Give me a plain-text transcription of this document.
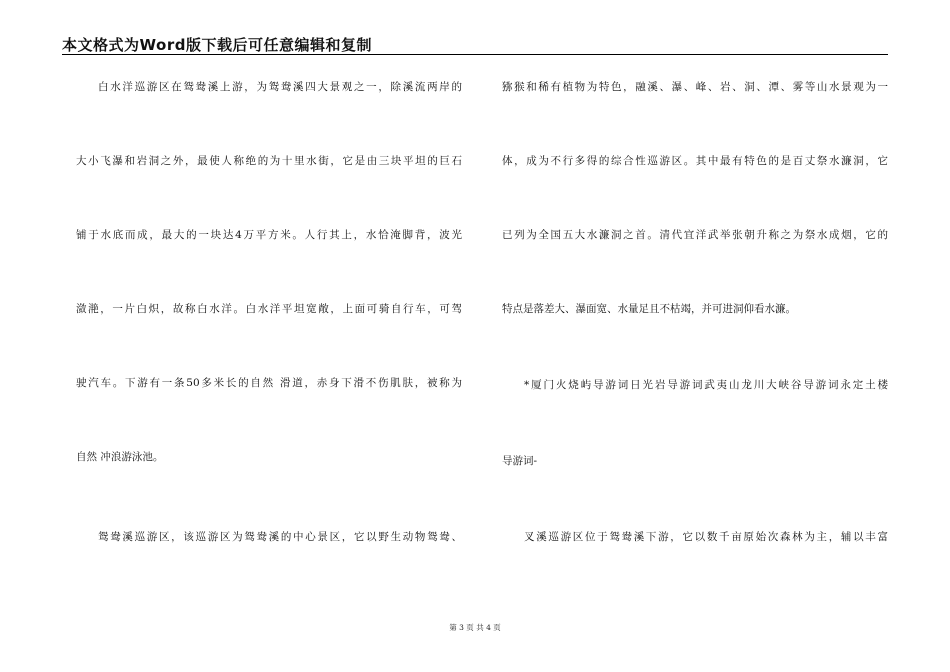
本文格式为Word版下载后可任意编辑和复制
白水洋巡游区在鸳鸯溪上游，为鸳鸯溪四大景观之一，除溪流两岸的
大小飞瀑和岩洞之外，最使人称绝的为十里水街，它是由三块平坦的巨石
铺于水底而成，最大的一块达4万平方米。人行其上，水恰淹脚背，波光
潋滟，一片白炽，故称白水洋。白水洋平坦宽敞，上面可骑自行车，可驾
驶汽车。下游有一条50多米长的自然 滑道，赤身下滑不伤肌肤，被称为
自然 冲浪游泳池。
鸳鸯溪巡游区，该巡游区为鸳鸯溪的中心景区，它以野生动物鸳鸯、
猕猴和稀有植物为特色，融溪、瀑、峰、岩、洞、潭、雾等山水景观为一
体，成为不行多得的综合性巡游区。其中最有特色的是百丈祭水濂洞，它
已列为全国五大水濂洞之首。清代宜洋武举张朝升称之为祭水成烟，它的
特点是落差大、瀑面宽、水量足且不枯竭，并可进洞仰看水濂。
*厦门火烧屿导游词日光岩导游词武夷山龙川大峡谷导游词永定土楼
导游词-
叉溪巡游区位于鸳鸯溪下游，它以数千亩原始次森林为主，辅以丰富
第 3 页 共 4 页
